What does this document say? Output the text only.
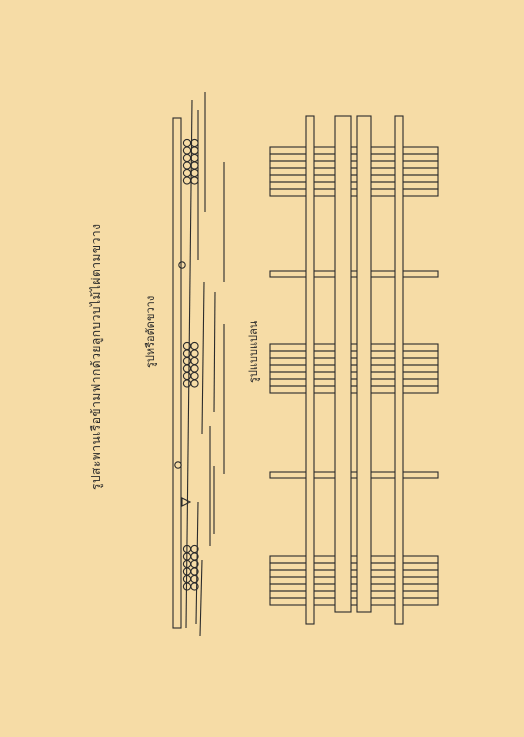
รูปสะพานเรือข้ามฟากด้วยลูกบวบไม้ไผ่ตามขวาง	รูปหรือตัดขวาง	รูปแบบแปลน
